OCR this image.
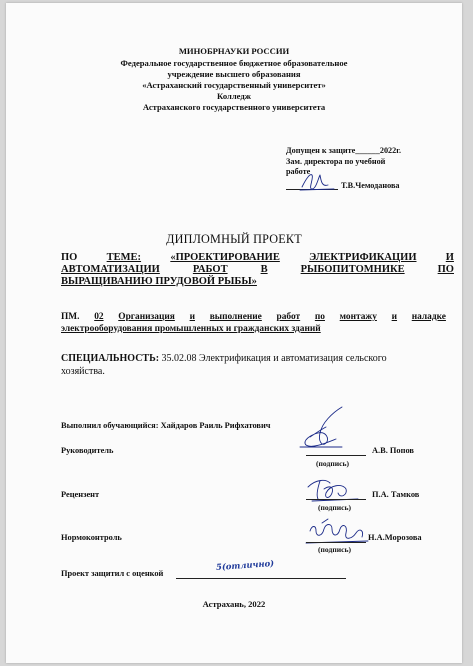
МИНОБРНАУКИ РОССИИ
Федеральное государственное бюджетное образовательное
учреждение высшего образования
«Астраханский государственный университет»
Колледж
Астраханского государственного университета
Допущен к защите______2022г.
Зам. директора по учебной
работе
Т.В.Чемоданова
ДИПЛОМНЫЙ ПРОЕКТ
ПО	ТЕМЕ:	«ПРОЕКТИРОВАНИЕ	ЭЛЕКТРИФИКАЦИИ	И
АВТОМАТИЗАЦИИ	РАБОТ	В	РЫБОПИТОМНИКЕ	ПО
ВЫРАЩИВАНИЮ ПРУДОВОЙ РЫБЫ»
ПМ. 02 Организация и выполнение работ по монтажу и наладке
электрооборудования промышленных и гражданских зданий
СПЕЦИАЛЬНОСТЬ: 35.02.08 Электрификация и автоматизация сельского
хозяйства.
Выполнил обучающийся: Хайдаров Раиль Рифхатович
Руководитель	А.В. Попов
(подпись)
Рецензент	П.А. Тамков
(подпись)
Нормоконтроль	Н.А.Морозова
(подпись)
Проект защитил с оценкой
5(отлично)
Астрахань, 2022
